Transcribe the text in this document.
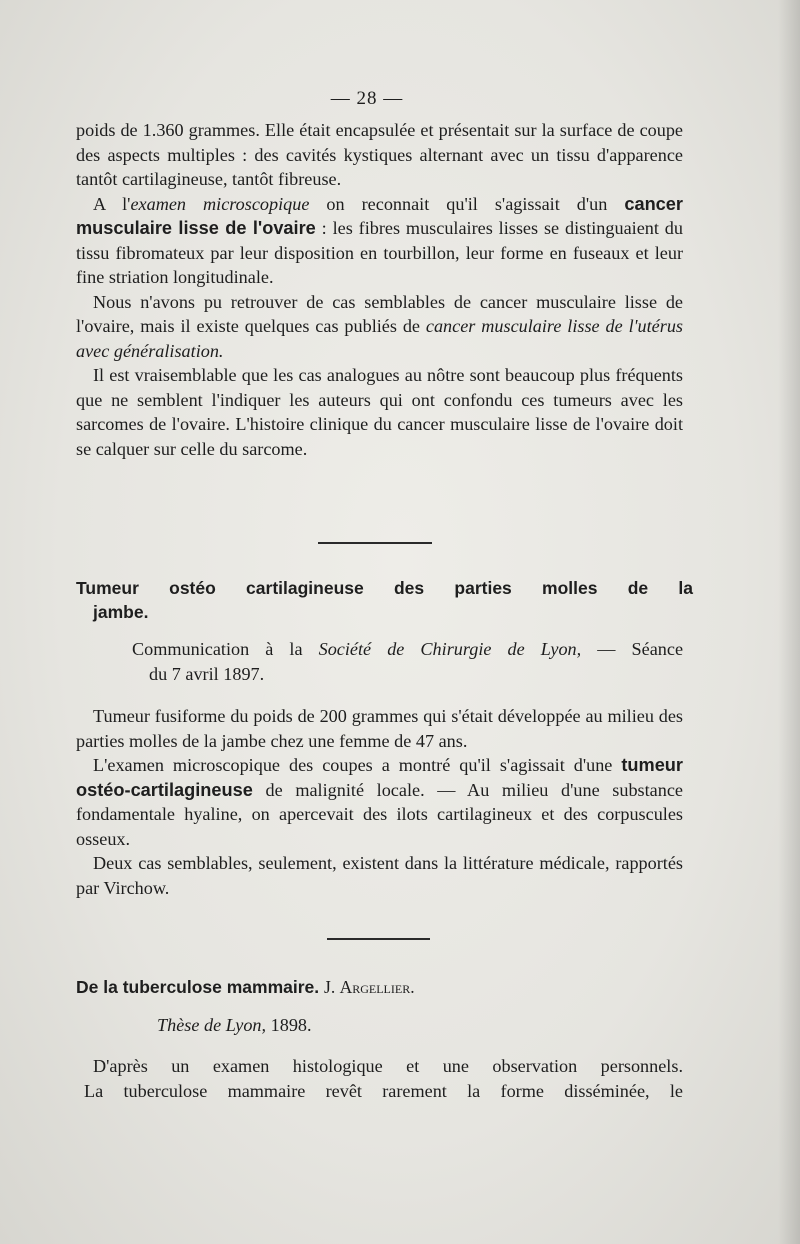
— 28 —

poids de 1.360 grammes. Elle était encapsulée et présentait sur la surface de coupe des aspects multiples : des cavités kystiques alternant avec un tissu d'apparence tantôt cartilagineuse, tantôt fibreuse.

A l'examen microscopique on reconnait qu'il s'agissait d'un cancer musculaire lisse de l'ovaire : les fibres musculaires lisses se distinguaient du tissu fibromateux par leur disposition en tourbillon, leur forme en fuseaux et leur fine striation longitudinale.

Nous n'avons pu retrouver de cas semblables de cancer musculaire lisse de l'ovaire, mais il existe quelques cas publiés de cancer musculaire lisse de l'utérus avec généralisation.

Il est vraisemblable que les cas analogues au nôtre sont beaucoup plus fréquents que ne semblent l'indiquer les auteurs qui ont confondu ces tumeurs avec les sarcomes de l'ovaire. L'histoire clinique du cancer musculaire lisse de l'ovaire doit se calquer sur celle du sarcome.

Tumeur ostéo cartilagineuse des parties molles de la
jambe.
Communication à la Société de Chirurgie de Lyon, — Séance
du 7 avril 1897.

Tumeur fusiforme du poids de 200 grammes qui s'était développée au milieu des parties molles de la jambe chez une femme de 47 ans.

L'examen microscopique des coupes a montré qu'il s'agissait d'une tumeur ostéo-cartilagineuse de malignité locale. — Au milieu d'une substance fondamentale hyaline, on apercevait des ilots cartilagineux et des corpuscules osseux.

Deux cas semblables, seulement, existent dans la littérature médicale, rapportés par Virchow.

De la tuberculose mammaire. J. Argellier.
Thèse de Lyon, 1898.

D'après un examen histologique et une observation personnels.

La tuberculose mammaire revêt rarement la forme disséminée, le
